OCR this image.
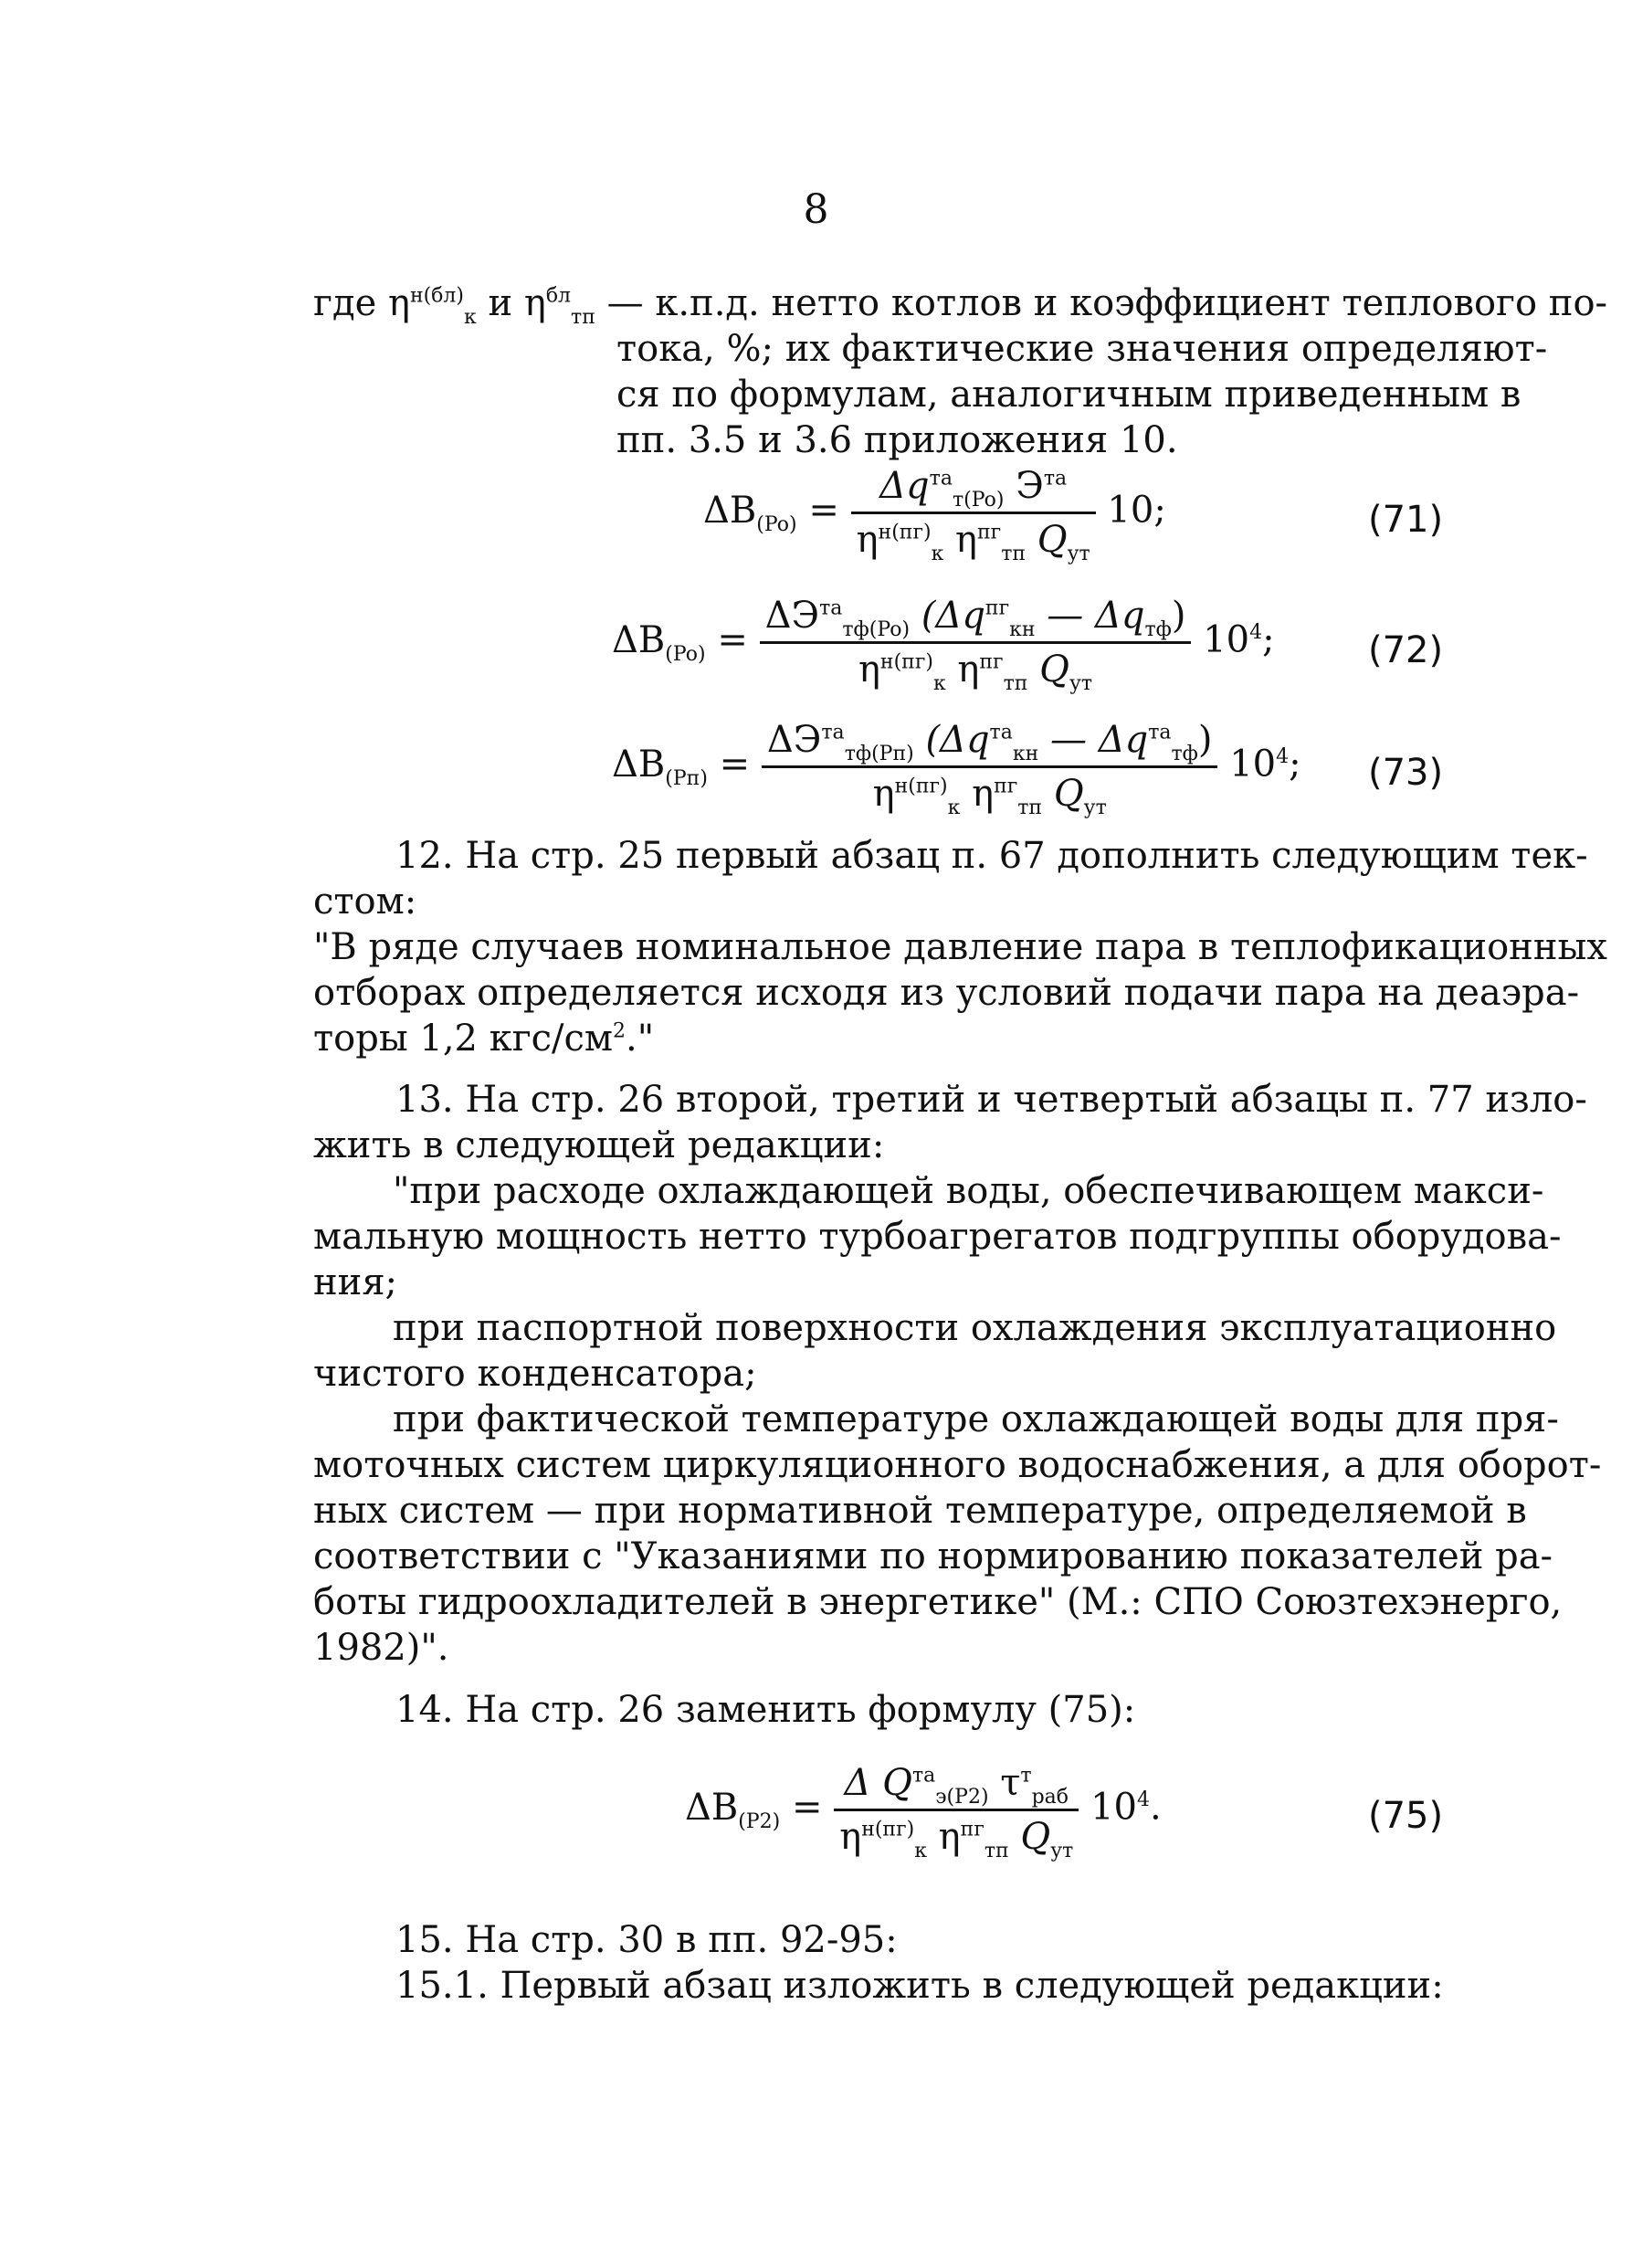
8
где $\eta^{н(бл)}_к$ и $\eta^{бл}_{тп}$ — к.п.д. нетто котлов и коэффициент теплового по-
тока, %; их фактические значения определяют-
ся по формулам, аналогичным приведенным в
пп. 3.5 и 3.6 приложения 10.
$\Delta B_{(Po)} = \frac{\Delta q^{та}_{т(Po)} Э^{та}}{\eta^{н(пг)}_к \eta^{пг}_{тп} Q_{ут}} 10$;	(71)
$\Delta B_{(Po)} = \frac{\Delta Э^{та}_{тф(Po)} (\Delta q^{пг}_{кн} — \Delta q_{тф})}{\eta^{н(пг)}_к \eta^{пг}_{тп} Q_{ут}} 10^4$;	(72)
$\Delta B_{(Pп)} = \frac{\Delta Э^{та}_{тф(Pп)} (\Delta q^{та}_{кн} — \Delta q^{та}_{тф})}{\eta^{н(пг)}_к \eta^{пг}_{тп} Q_{ут}} 10^4$; (73)
12. На стр. 25 первый абзац п. 67 дополнить следующим тек-
стом:
"В ряде случаев номинальное давление пара в теплофикационных
отборах определяется исходя из условий подачи пара на деаэра-
торы 1,2 кгс/$см^2$."
13. На стр. 26 второй, третий и четвертый абзацы п. 77 изло-
жить в следующей редакции:
"при расходе охлаждающей воды, обеспечивающем макси-
мальную мощность нетто турбоагрегатов подгруппы оборудова-
ния;
при паспортной поверхности охлаждения эксплуатационно
чистого конденсатора;
при фактической температуре охлаждающей воды для пря-
моточных систем циркуляционного водоснабжения, а для оборот-
ных систем — при нормативной температуре, определяемой в
соответствии с "Указаниями по нормированию показателей ра-
боты гидроохладителей в энергетике" (М.: СПО Союзтехэнерго,
1982)".
14. На стр. 26 заменить формулу (75):
$\Delta B_{(P2)} = \frac{\Delta Q^{та}_{э(P2)} \tau^т_{раб}}{\eta^{н(пг)}_к \eta^{пг}_{тп} Q_{ут}} 10^4$.	(75)
15. На стр. 30 в пп. 92-95:
15.1. Первый абзац изложить в следующей редакции:
